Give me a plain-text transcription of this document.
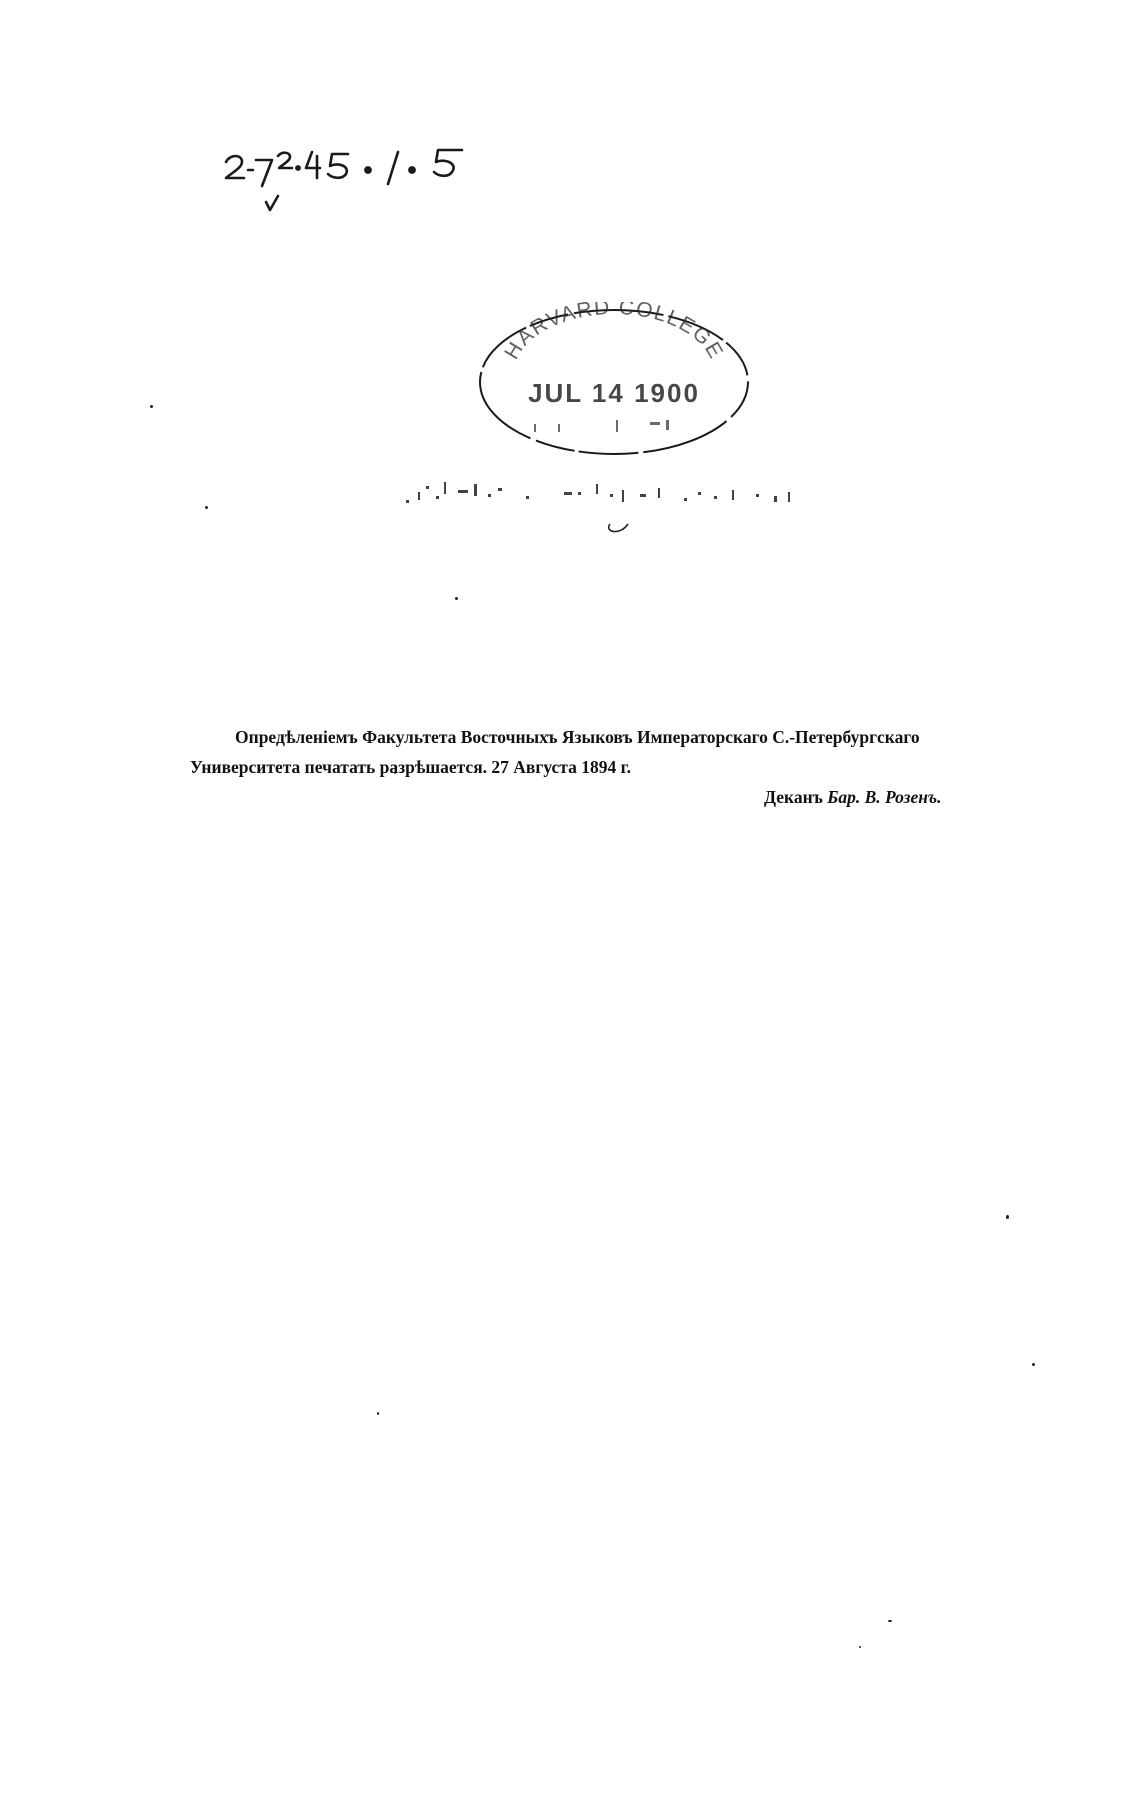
HARVARD COLLEGE
JUL 14 1900
Опредѣленіемъ Факультета Восточныхъ Языковъ Императорскаго С.-Петербургскаго
Университета печатать разрѣшается. 27 Августа 1894 г.
Деканъ Бар. В. Розенъ.
